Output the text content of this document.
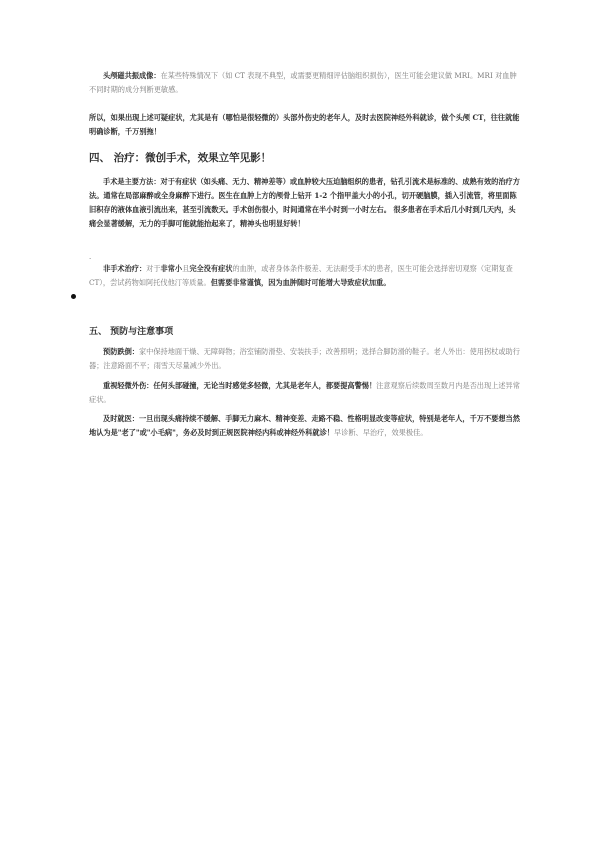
头颅磁共振成像：在某些特殊情况下（如 CT 表现不典型，或需要更精细评估脑组织损伤），医生可能会建议做 MRI。MRI 对血肿不同时期的成分判断更敏感。

所以，如果出现上述可疑症状，尤其是有（哪怕是很轻微的）头部外伤史的老年人，及时去医院神经外科就诊，做个头颅 CT，往往就能明确诊断，千万别拖！

四、 治疗：微创手术，效果立竿见影！

手术是主要方法：对于有症状（如头痛、无力、精神差等）或血肿较大压迫脑组织的患者，钻孔引流术是标准的、成熟有效的治疗方法。通常在局部麻醉或全身麻醉下进行。医生在血肿上方的颅骨上钻开 1-2 个指甲盖大小的小孔，切开硬脑膜，插入引流管，将里面陈旧积存的液体血液引流出来，甚至引流数天。手术创伤很小，时间通常在半小时到一小时左右。 很多患者在手术后几小时到几天内，头痛会显著缓解，无力的手脚可能就能抬起来了，精神头也明显好转！

.

非手术治疗：对于非常小且完全没有症状的血肿，或者身体条件极差、无法耐受手术的患者，医生可能会选择密切观察（定期复查 CT），尝试药物如阿托伐他汀等质量。但需要非常谨慎，因为血肿随时可能增大导致症状加重。

五、 预防与注意事项

预防跌倒：家中保持地面干燥、无障碍物；浴室铺防滑垫、安装扶手；改善照明；选择合脚防滑的鞋子。老人外出：使用拐杖或助行器；注意路面不平；雨雪天尽量减少外出。

重视轻微外伤：任何头部碰撞，无论当时感觉多轻微，尤其是老年人，都要提高警惕！注意观察后续数周至数月内是否出现上述异常症状。

及时就医：一旦出现头痛持续不缓解、手脚无力麻木、精神变差、走路不稳、性格明显改变等症状，特别是老年人，千万不要想当然地认为是"老了"或"小毛病"，务必及时到正规医院神经内科或神经外科就诊！早诊断、早治疗，效果极佳。
